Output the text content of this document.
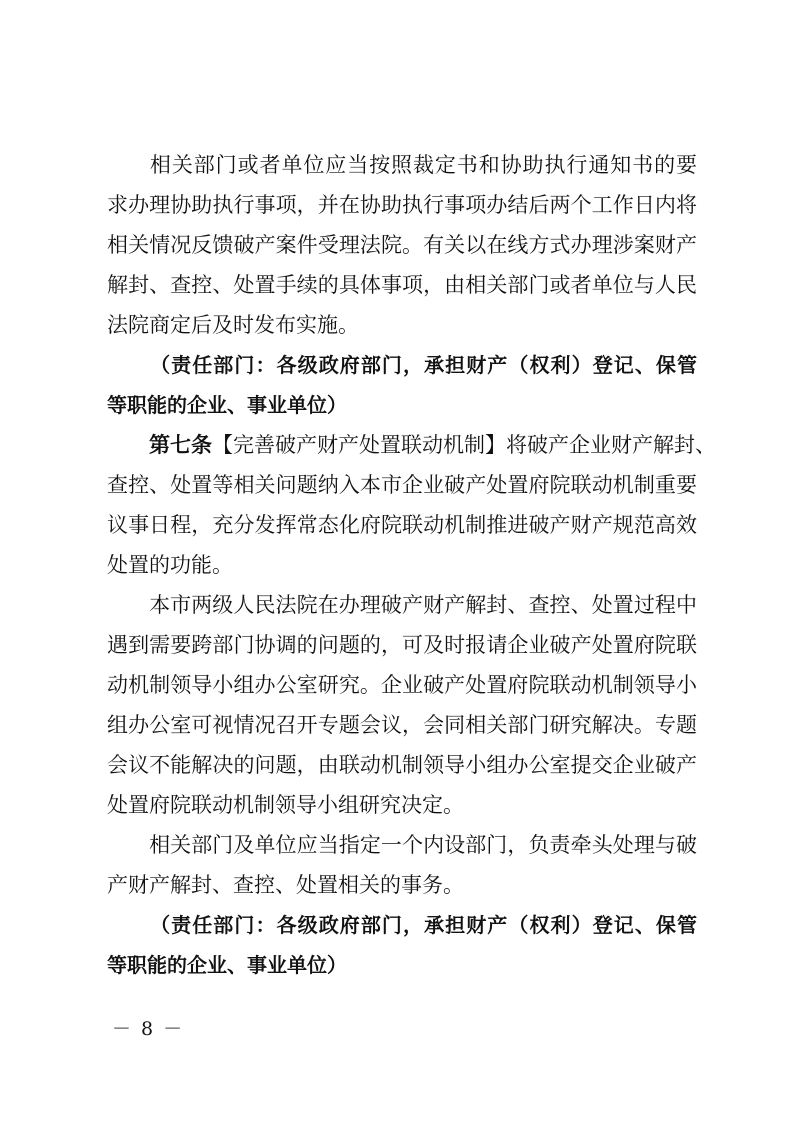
相关部门或者单位应当按照裁定书和协助执行通知书的要
求办理协助执行事项，并在协助执行事项办结后两个工作日内将
相关情况反馈破产案件受理法院。有关以在线方式办理涉案财产
解封、查控、处置手续的具体事项，由相关部门或者单位与人民
法院商定后及时发布实施。

（责任部门：各级政府部门，承担财产（权利）登记、保管
等职能的企业、事业单位）

第七条【完善破产财产处置联动机制】将破产企业财产解封、
查控、处置等相关问题纳入本市企业破产处置府院联动机制重要
议事日程，充分发挥常态化府院联动机制推进破产财产规范高效
处置的功能。

本市两级人民法院在办理破产财产解封、查控、处置过程中
遇到需要跨部门协调的问题的，可及时报请企业破产处置府院联
动机制领导小组办公室研究。企业破产处置府院联动机制领导小
组办公室可视情况召开专题会议，会同相关部门研究解决。专题
会议不能解决的问题，由联动机制领导小组办公室提交企业破产
处置府院联动机制领导小组研究决定。

相关部门及单位应当指定一个内设部门，负责牵头处理与破
产财产解封、查控、处置相关的事务。

（责任部门：各级政府部门，承担财产（权利）登记、保管
等职能的企业、事业单位）

－ 8 －
